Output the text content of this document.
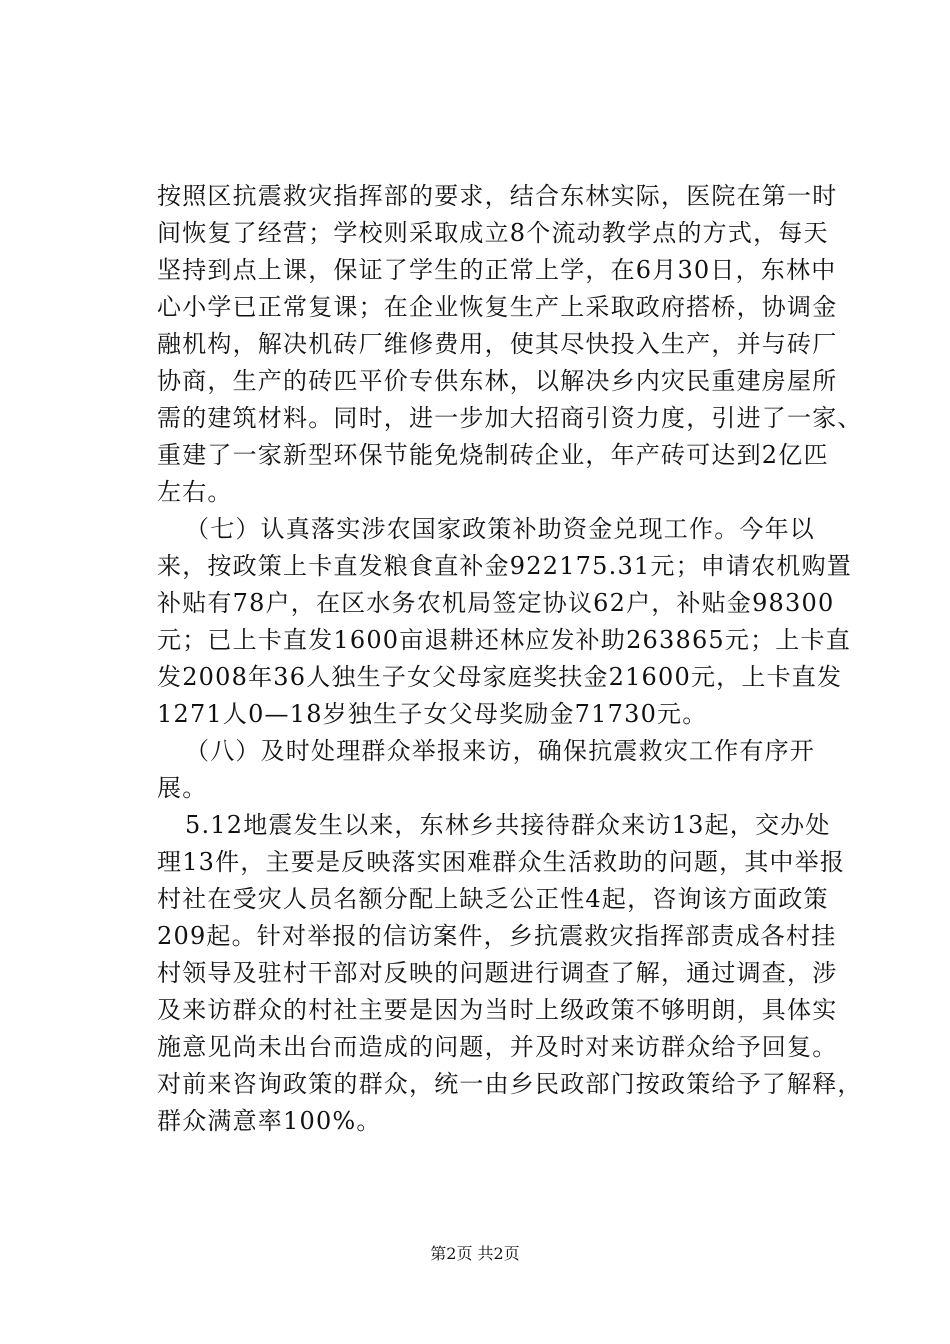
按照区抗震救灾指挥部的要求，结合东林实际，医院在第一时
间恢复了经营；学校则采取成立8个流动教学点的方式，每天
坚持到点上课，保证了学生的正常上学，在6月30日，东林中
心小学已正常复课；在企业恢复生产上采取政府搭桥，协调金
融机构，解决机砖厂维修费用，使其尽快投入生产，并与砖厂
协商，生产的砖匹平价专供东林，以解决乡内灾民重建房屋所
需的建筑材料。同时，进一步加大招商引资力度，引进了一家、
重建了一家新型环保节能免烧制砖企业，年产砖可达到2亿匹
左右。
（七）认真落实涉农国家政策补助资金兑现工作。今年以
来，按政策上卡直发粮食直补金922175.31元；申请农机购置
补贴有78户，在区水务农机局签定协议62户，补贴金98300
元；已上卡直发1600亩退耕还林应发补助263865元；上卡直
发2008年36人独生子女父母家庭奖扶金21600元，上卡直发
1271人0—18岁独生子女父母奖励金71730元。
（八）及时处理群众举报来访，确保抗震救灾工作有序开
展。
5.12地震发生以来，东林乡共接待群众来访13起，交办处
理13件，主要是反映落实困难群众生活救助的问题，其中举报
村社在受灾人员名额分配上缺乏公正性4起，咨询该方面政策
209起。针对举报的信访案件，乡抗震救灾指挥部责成各村挂
村领导及驻村干部对反映的问题进行调查了解，通过调查，涉
及来访群众的村社主要是因为当时上级政策不够明朗，具体实
施意见尚未出台而造成的问题，并及时对来访群众给予回复。
对前来咨询政策的群众，统一由乡民政部门按政策给予了解释，
群众满意率100%。
第2页 共2页
